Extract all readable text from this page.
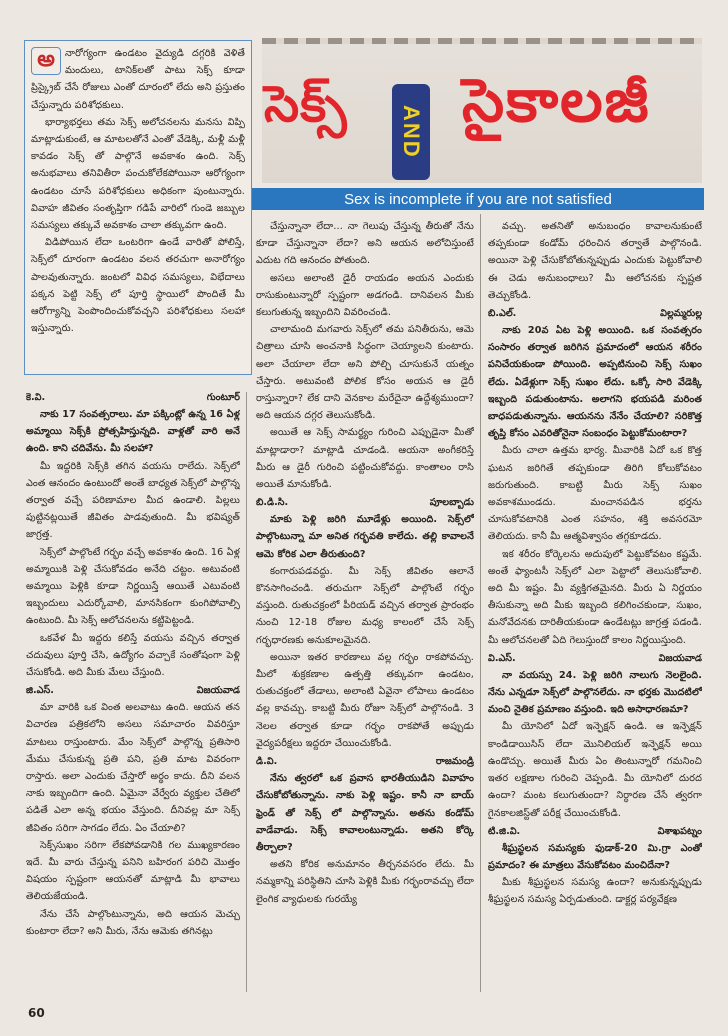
అ	నారోగ్యంగా ఉండటం వైద్యుడి దగ్గరికి వెళితే మందులు, టానిక్‌లతో పాటు సెక్స్ కూడా ప్రిస్క్రైబ్ చేసే రోజులు ఎంతో దూరంలో లేదు అని ప్రస్తుతం చేస్తున్నారు పరిశోధకులు.

భార్యాభర్తలు తమ సెక్స్ అలోచనలను మనసు విప్పి మాట్లాడుకుంటే, ఆ మాటలతోనే ఎంతో వేడెక్కి, మళ్లీ మళ్లీ కావడం సెక్స్ తో పాల్గొనే అవకాశం ఉంది. సెక్స్ అనుభవాలు తనివితీరా పంచుకోలేకపోయినా ఆరోగ్యంగా ఉండటం చూసే పరిశోధకులు అధికంగా పుంటున్నారు. వివాహ జీవితం సంతృప్తిగా గడిపే వారిలో గుండె జబ్బుల సమస్యలు తక్కువే అవకాశం చాలా తక్కువగా ఉంది.

విడిపోయిన లేదా ఒంటరిగా ఉండే వారితో పోలిస్తే, సెక్స్‌లో దూరంగా ఉండటం వలన తరచుగా అనారోగ్యం పాలవుతున్నారు. జంటలో వివిధ సమస్యలు, విభేదాలు పక్కన పెట్టి సెక్స్ లో పూర్తి స్థాయిలో పొందితే మీ ఆరోగ్యాన్ని పెంపొందించుకోవచ్చని పరిశోధకులు సలహా ఇస్తున్నారు.

సెక్స్ AND సైకాలజీ
Sex is incomplete if you are not satisfied
కె.వి.	గుంటూర్

నాకు 17 సంవత్సరాలు. మా పక్కింట్లో ఉన్న 16 ఏళ్ల అమ్మాయి సెక్స్‌కి ప్రోత్సహిస్తున్నది. వాళ్లతో వారి అనే ఉంది. కాని చదివేను. మీ సలహా?

మీ ఇద్దరికి సెక్స్‌కి తగిన వయసు రాలేదు. సెక్స్‌లో ఎంత ఆనందం ఉంటుందో అంతే బాధ్యత సెక్స్‌లో పాల్గొన్న తర్వాత వచ్చే పరిణామాల మీద ఉండాలి. పిల్లలు పుట్టినట్లయితే జీవితం పాడవుతుంది. మీ భవిష్యత్ జాగ్రత్త.

సెక్స్‌లో పాల్గొంటే గర్భం వచ్చే అవకాశం ఉంది. 16 ఏళ్ల అమ్మాయికి పెళ్లి చేసుకోవడం అనేది చట్టం. అటువంటి అమ్మాయి పెళ్లికి కూడా నిర్ణయిస్తే ఆయితే ఎటువంటి ఇబ్బందులు ఎదుర్కోవాలి, మానసికంగా కుంగిపోవాల్సి ఉంటుంది. మీ సెక్స్ ఆలోచనలను కట్టిపెట్టండి.

ఒకవేళ మీ ఇద్దరు కలిస్తే వయసు వచ్చిన తర్వాత చదువులు పూర్తి చేసి, ఉద్యోగం వచ్చాకే సంతోషంగా పెళ్లి చేసుకోండి. అది మీకు మేలు చేస్తుంది.

జి.ఎస్.	విజయవాడ

మా వారికి ఒక వింత అలవాటు ఉంది. ఆయన తన విచారణ పత్రికలోని అసలు సమాచారం వివరిస్తూ మాటలు రాస్తుంటారు. మేం సెక్స్‌లో పాల్గొన్న ప్రతిసారి మేము చేసుకున్న ప్రతి పని, ప్రతి మాట వివరంగా రాస్తారు. అలా ఎందుకు చేస్తారో అర్థం కాదు. దీని వలన నాకు ఇబ్బందిగా ఉంది. ఏమైనా వేర్వేరు వ్యక్తుల చేతిలో పడితే ఎలా అన్న భయం వేస్తుంది. దీనివల్ల మా సెక్స్ జీవితం సరిగా సాగడం లేదు. ఏం చేయాలి?

సెక్స్‌సుఖం సరిగా లేకపోవడానికి గల ముఖ్యకారణం ఇదే. మీ వారు చేస్తున్న పనిని బహిరంగ పరిచి మొత్తం విషయం స్పష్టంగా ఆయనతో మాట్లాడి మీ భావాలు తెలియజేయండి.

నేను చేసే పాల్గొంటున్నాను, అది ఆయన మెచ్చు కుంటారా లేదా? అని మీరు, నేను ఆమెకు తగినట్లు

చేస్తున్నానా లేదా... నా గెలుపు చేస్తున్న తీరుతో నేను కూడా చేస్తున్నానా లేదా? అని ఆయన అలోచిస్తుంటే ఎదుట గది ఆనందం పోతుంది.

అసలు అలాంటి డైరీ రాయడం అయన ఎందుకు రాసుకుంటున్నారో స్పష్టంగా అడగండి. దానివలన మీకు కలుగుతున్న ఇబ్బందిని వివరించండి.

చాలామంది మగవారు సెక్స్‌లో తమ పనితీరును, ఆమె చిత్రాలు చూసి అంచనాకి సిద్ధంగా చెయ్యాలని కుంటారు. అలా చేయాలా లేదా అని పోల్చి చూసుకునే యత్నం చేస్తారు. అటువంటి పోలిక కోసం అయన ఆ డైరీ రాస్తున్నారా? లేక దాని వెనకాల మరేదైనా ఉద్దేశ్యముందా? అది ఆయన దగ్గర తెలుసుకోండి.

అయితే ఆ సెక్స్ సామర్థ్యం గురించి ఎప్పుడైనా మీతో మాట్లాడారా? మాట్లాడి చూడండి. ఆయనా అంగీకరిస్తే మీరు ఆ డైరీ గురించి పట్టించుకోవద్దు. కాంతాలం రాసి అయితే మానుకోండి.

బి.డి.సి.	పూలబ్బాడు

మాకు పెళ్లి జరిగి మూడేళ్లు అయింది. సెక్స్‌లో పాల్గొంటున్నా మా అనిత గర్భవతి కాలేదు. తల్లి కావాలనే ఆమె కోరిక ఎలా తీరుతుంది?

కంగారుపడవద్దు. మీ సెక్స్ జీవితం ఆలానే కొనసాగించండి. తరుచుగా సెక్స్‌లో పాల్గొంటే గర్భం వస్తుంది. రుతుచక్రంలో పీరియడ్ వచ్చిన తర్వాత ప్రారంభం నుంచి 12-18 రోజుల మధ్య కాలంలో చేసే సెక్స్ గర్భధారణకు అనుకూలమైనది.

అయినా ఇతర కారణాలు వల్ల గర్భం రాకపోవచ్చు. మీలో శుక్రకణాల ఉత్పత్తి తక్కువగా ఉండటం, రుతుచక్రంలో తేడాలు, అలాంటి ఏవైనా లోపాలు ఉండటం వల్ల కావచ్చు. కాబట్టి మీరు రోజూ సెక్స్‌లో పాల్గొనండి. 3 నెలల తర్వాత కూడా గర్భం రాకపోతే అప్పుడు వైద్యపరీక్షలు ఇద్దరూ చేయించుకోండి.

డి.వి.	రాజమండ్రి

నేను త్వరలో ఒక ప్రవాస భారతీయుడిని వివాహం చేసుకోబోతున్నాను. నాకు పెళ్లి ఇష్టం. కానీ నా బాయ్ ఫ్రెండ్ తో సెక్స్ లో పాల్గొన్నాను. అతను కండోమ్ వాడేవాడు. సెక్స్ కావాలంటున్నాడు. అతని కోర్కె తీర్చాలా?

అతని కోరిక అనుమానం తీర్చనవసరం లేదు. మీ నమ్మకాన్ని పరిస్థితిని చూసి పెళ్లికి మీకు గర్భంరావచ్చు లేదా లైంగిక వ్యాధులకు గురయ్యే

వచ్చు. అతనితో అనుబంధం కావాలనుకుంటే తప్పకుండా కండోమ్ ధరించిన తర్వాతే పాల్గొనండి. అయినా పెళ్లి చేసుకోబోతున్నప్పుడు ఎందుకు పెట్టుకోవాలి ఈ చెడు అనుబంధాలు? మీ ఆలోచనకు స్పష్టత తెచ్చుకోండి.

బి.ఎల్.	విల్లమ్మరుల్ల

నాకు 20వ ఏట పెళ్లి అయింది. ఒక సంవత్సరం సంసారం తర్వాత జరిగిన ప్రమాదంలో ఆయన శరీరం పనిచేయకుండా పోయింది. అప్పటినుంచి సెక్స్ సుఖం లేదు. ఏడేళ్లుగా సెక్స్ సుఖం లేదు. ఒక్కో సారి వేడెక్కి ఇబ్బంది పడుతుంటాను. అలాగని భయపడి మరింత బాధపడుతున్నాను. ఆయనను నేనేం చేయాలి? సరికొత్త తృప్తి కోసం ఎవరితోనైనా సంబంధం పెట్టుకోమంటారా?

మీరు చాలా ఉత్తమ భార్య. మీవారికి ఏదో ఒక కొత్త ఘటన జరిగితే తప్పకుండా తిరిగి కోలుకోవటం జరుగుతుంది. కాబట్టి మీరు సెక్స్ సుఖం అవకాశముండదు. మంచానపడిన భర్తను చూసుకోవటానికి ఎంత సహనం, శక్తి అవసరమో తెలియదు. కానీ మీ ఆత్మవిశ్వాసం తగ్గకూడదు.

ఇక శరీరం కోర్కెలను అదుపులో పెట్టుకోవటం కష్టమే. అంతే ఫ్యాంటసీ సెక్స్‌లో ఎలా పెట్టాలో తెలుసుకోవాలి. అది మీ ఇష్టం. మీ వ్యక్తిగతమైనది. మీరు ఏ నిర్ణయం తీసుకున్నా అది మీకు ఇబ్బంది కలిగించకుండా, సుఖం, మనోవేదనకు దారితీయకుండా ఉండేటట్లు జాగ్రత్త పడండి. మీ ఆలోచనలతో ఏది గెలుస్తుందో కాలం నిర్ణయిస్తుంది.

వి.ఎస్.	విజయవాడ

నా వయస్సు 24. పెళ్లి జరిగి నాలుగు నెలలైంది. నేను ఎన్నడూ సెక్స్‌లో పాల్గొనలేదు. నా భర్తకు మొదటిలో మంచి నైతిక ప్రమాణం వస్తుంది. ఇది అసాధారణమా?

మీ యోనిలో ఏదో ఇన్ఫెక్షన్ ఉండి. ఆ ఇన్ఫెక్షన్ కాండిడాయిసిస్ లేదా మొనిలియల్ ఇన్ఫెక్షన్ అయి ఉండొచ్చు. అయితే మీరు ఏం తింటున్నారో గమనించి ఇతర లక్షణాల గురించి చెప్పండి. మీ యోనిలో దురద ఉందా? మంట కలుగుతుందా? నిర్ధారణ చేసే త్వరగా గైనకాలజిస్ట్‌తో పరీక్ష చేయించుకోండి.

టి.జి.వి.	విశాఖపట్నం

శీఘ్రస్ఖలన సమస్యకు ఫుడాక్-20 మి.గ్రా ఎంతో ప్రమాదం? ఈ మాత్రలు వేసుకోవటం మంచిదేనా?

మీకు శీఘ్రస్ఖలన సమస్య ఉందా? అనుకున్నప్పుడు శీఘ్రస్ఖలన సమస్య ఏర్పడుతుంది. డాక్టర్ల పర్యవేక్షణ

60
